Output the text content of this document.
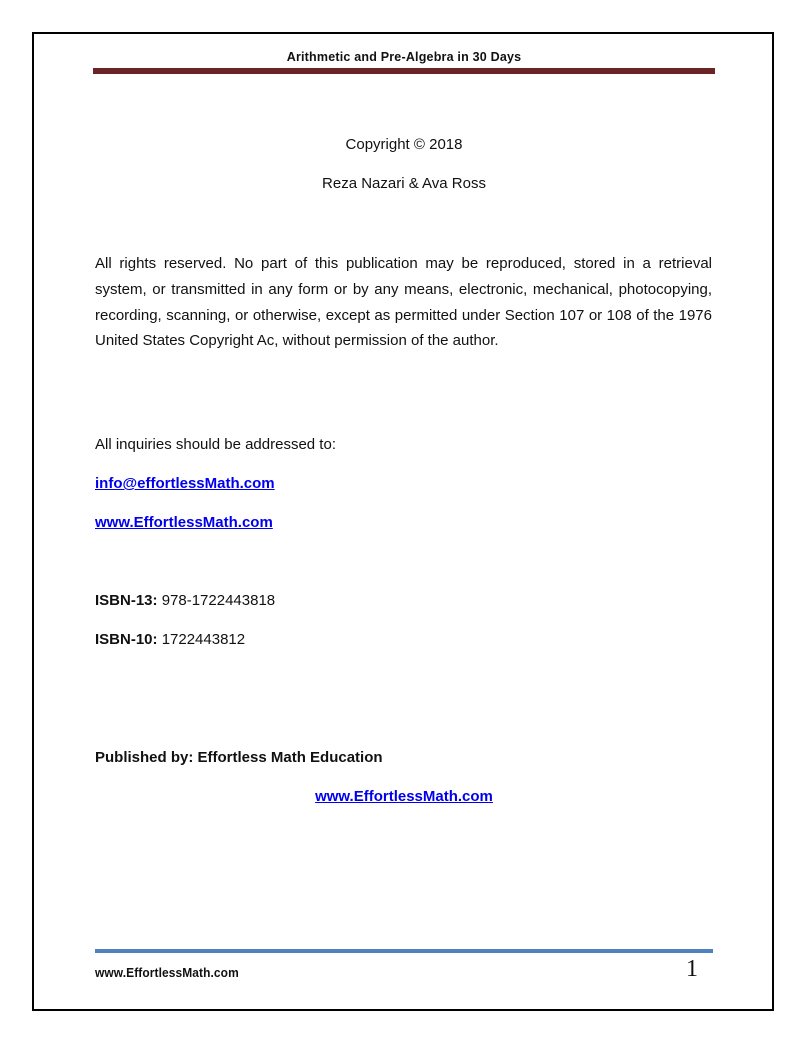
Arithmetic and Pre-Algebra in 30 Days
Copyright © 2018
Reza Nazari & Ava Ross
All rights reserved. No part of this publication may be reproduced, stored in a retrieval system, or transmitted in any form or by any means, electronic, mechanical, photocopying, recording, scanning, or otherwise, except as permitted under Section 107 or 108 of the 1976 United States Copyright Ac, without permission of the author.
All inquiries should be addressed to:
info@effortlessMath.com
www.EffortlessMath.com
ISBN-13: 978-1722443818
ISBN-10: 1722443812
Published by: Effortless Math Education
www.EffortlessMath.com
www.EffortlessMath.com	1
